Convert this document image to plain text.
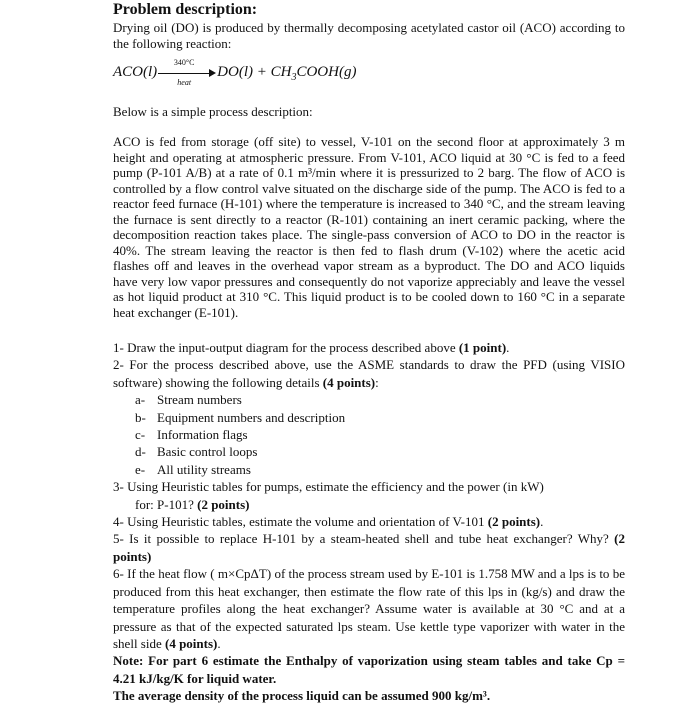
Problem description:
Drying oil (DO) is produced by thermally decomposing acetylated castor oil (ACO) according to the following reaction:
ACO(l)
340°C
heat
$DO(l) + CH_3COOH(g)$
Below is a simple process description:
ACO is fed from storage (off site) to vessel, V-101 on the second floor at approximately 3 m height and operating at atmospheric pressure. From V-101, ACO liquid at 30 °C is fed to a feed pump (P-101 A/B) at a rate of 0.1 m³/min where it is pressurized to 2 barg. The flow of ACO is controlled by a flow control valve situated on the discharge side of the pump. The ACO is fed to a reactor feed furnace (H-101) where the temperature is increased to 340 °C, and the stream leaving the furnace is sent directly to a reactor (R-101) containing an inert ceramic packing, where the decomposition reaction takes place. The single-pass conversion of ACO to DO in the reactor is 40%. The stream leaving the reactor is then fed to flash drum (V-102) where the acetic acid flashes off and leaves in the overhead vapor stream as a byproduct. The DO and ACO liquids have very low vapor pressures and consequently do not vaporize appreciably and leave the vessel as hot liquid product at 310 °C. This liquid product is to be cooled down to 160 °C in a separate heat exchanger (E-101).
1- Draw the input-output diagram for the process described above (1 point).
2- For the process described above, use the ASME standards to draw the PFD (using VISIO software) showing the following details (4 points):
a- Stream numbers
b- Equipment numbers and description
c- Information flags
d- Basic control loops
e- All utility streams
3- Using Heuristic tables for pumps, estimate the efficiency and the power (in kW)
for: P-101? (2 points)
4- Using Heuristic tables, estimate the volume and orientation of V-101 (2 points).
5- Is it possible to replace H-101 by a steam-heated shell and tube heat exchanger? Why? (2 points)
6- If the heat flow ( m×CpΔT) of the process stream used by E-101 is 1.758 MW and a lps is to be produced from this heat exchanger, then estimate the flow rate of this lps in (kg/s) and draw the temperature profiles along the heat exchanger? Assume water is available at 30 °C and at a pressure as that of the expected saturated lps steam. Use kettle type vaporizer with water in the shell side (4 points).
Note: For part 6 estimate the Enthalpy of vaporization using steam tables and take Cp = 4.21 kJ/kg/K for liquid water.
The average density of the process liquid can be assumed 900 kg/m³.
